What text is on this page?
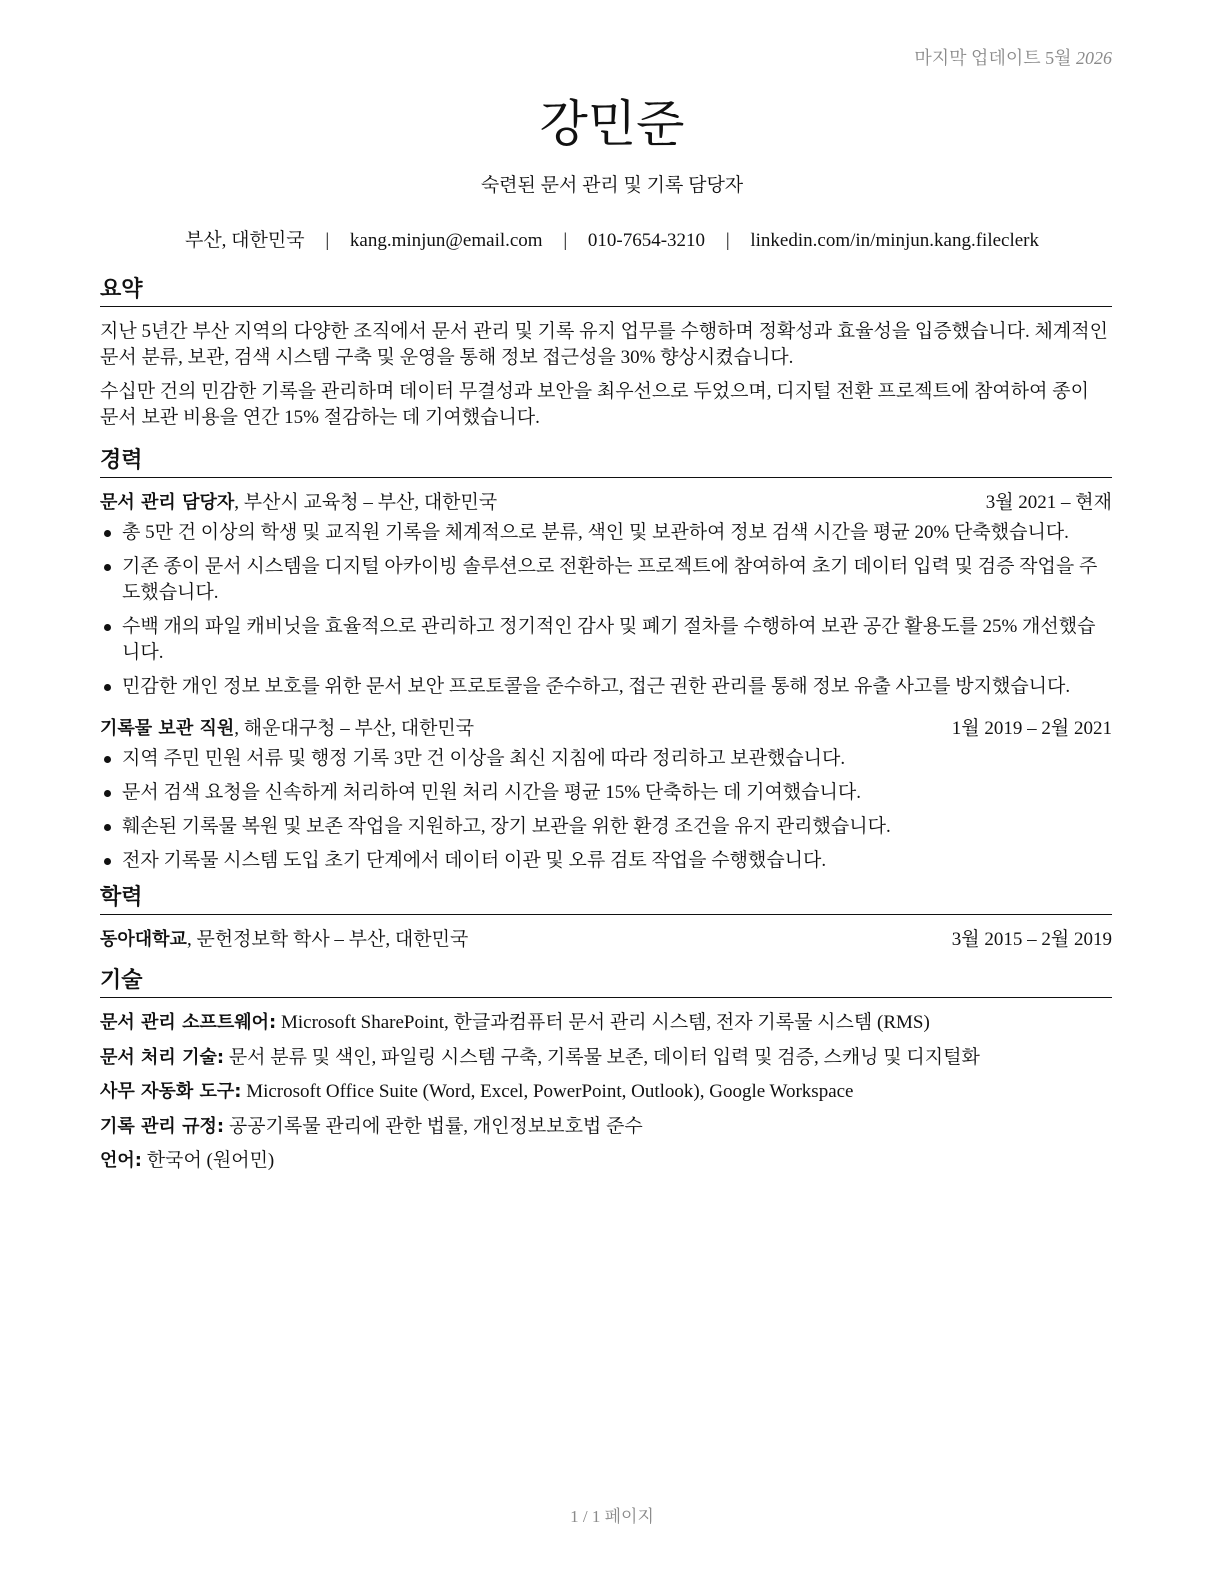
마지막 업데이트 5월 2026
강민준
숙련된 문서 관리 및 기록 담당자
부산, 대한민국 | kang.minjun@email.com | 010-7654-3210 | linkedin.com/in/minjun.kang.fileclerk
요약

지난 5년간 부산 지역의 다양한 조직에서 문서 관리 및 기록 유지 업무를 수행하며 정확성과 효율성을 입증했습니다. 체계적인 문서 분류, 보관, 검색 시스템 구축 및 운영을 통해 정보 접근성을 30% 향상시켰습니다.

수십만 건의 민감한 기록을 관리하며 데이터 무결성과 보안을 최우선으로 두었으며, 디지털 전환 프로젝트에 참여하여 종이 문서 보관 비용을 연간 15% 절감하는 데 기여했습니다.

경력
문서 관리 담당자, 부산시 교육청 – 부산, 대한민국	3월 2021 – 현재
총 5만 건 이상의 학생 및 교직원 기록을 체계적으로 분류, 색인 및 보관하여 정보 검색 시간을 평균 20% 단축했습니다.
기존 종이 문서 시스템을 디지털 아카이빙 솔루션으로 전환하는 프로젝트에 참여하여 초기 데이터 입력 및 검증 작업을 주도했습니다.
수백 개의 파일 캐비닛을 효율적으로 관리하고 정기적인 감사 및 폐기 절차를 수행하여 보관 공간 활용도를 25% 개선했습니다.
민감한 개인 정보 보호를 위한 문서 보안 프로토콜을 준수하고, 접근 권한 관리를 통해 정보 유출 사고를 방지했습니다.
기록물 보관 직원, 해운대구청 – 부산, 대한민국	1월 2019 – 2월 2021
지역 주민 민원 서류 및 행정 기록 3만 건 이상을 최신 지침에 따라 정리하고 보관했습니다.
문서 검색 요청을 신속하게 처리하여 민원 처리 시간을 평균 15% 단축하는 데 기여했습니다.
훼손된 기록물 복원 및 보존 작업을 지원하고, 장기 보관을 위한 환경 조건을 유지 관리했습니다.
전자 기록물 시스템 도입 초기 단계에서 데이터 이관 및 오류 검토 작업을 수행했습니다.
학력
동아대학교, 문헌정보학 학사 – 부산, 대한민국	3월 2015 – 2월 2019
기술
문서 관리 소프트웨어: Microsoft SharePoint, 한글과컴퓨터 문서 관리 시스템, 전자 기록물 시스템 (RMS)
문서 처리 기술: 문서 분류 및 색인, 파일링 시스템 구축, 기록물 보존, 데이터 입력 및 검증, 스캐닝 및 디지털화
사무 자동화 도구: Microsoft Office Suite (Word, Excel, PowerPoint, Outlook), Google Workspace
기록 관리 규정: 공공기록물 관리에 관한 법률, 개인정보보호법 준수
언어: 한국어 (원어민)
1 / 1 페이지
